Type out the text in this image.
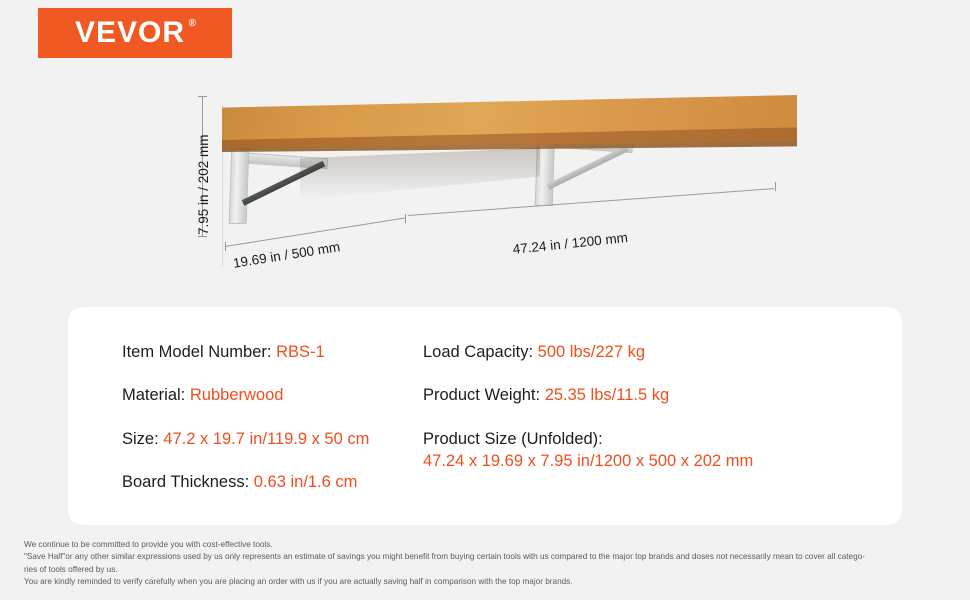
VEVOR ®
7.95 in / 202 mm
19.69 in / 500 mm	47.24 in / 1200 mm
Item Model Number: RBS-1
Material: Rubberwood
Size: 47.2 x 19.7 in/119.9 x 50 cm
Board Thickness: 0.63 in/1.6 cm
Load Capacity: 500 lbs/227 kg
Product Weight: 25.35 lbs/11.5 kg
Product Size (Unfolded):
47.24 x 19.69 x 7.95 in/1200 x 500 x 202 mm

We continue to be committed to provide you with cost-effective tools.

"Save Half"or any other similar expressions used by us only represents an estimate of savings you might benefit from buying certain tools with us compared to the major top brands and doses not necessarily mean to cover all catego-

ries of tools offered by us.

You are kindly reminded to verify carefully when you are placing an order with us if you are actually saving half in comparison with the top major brands.
